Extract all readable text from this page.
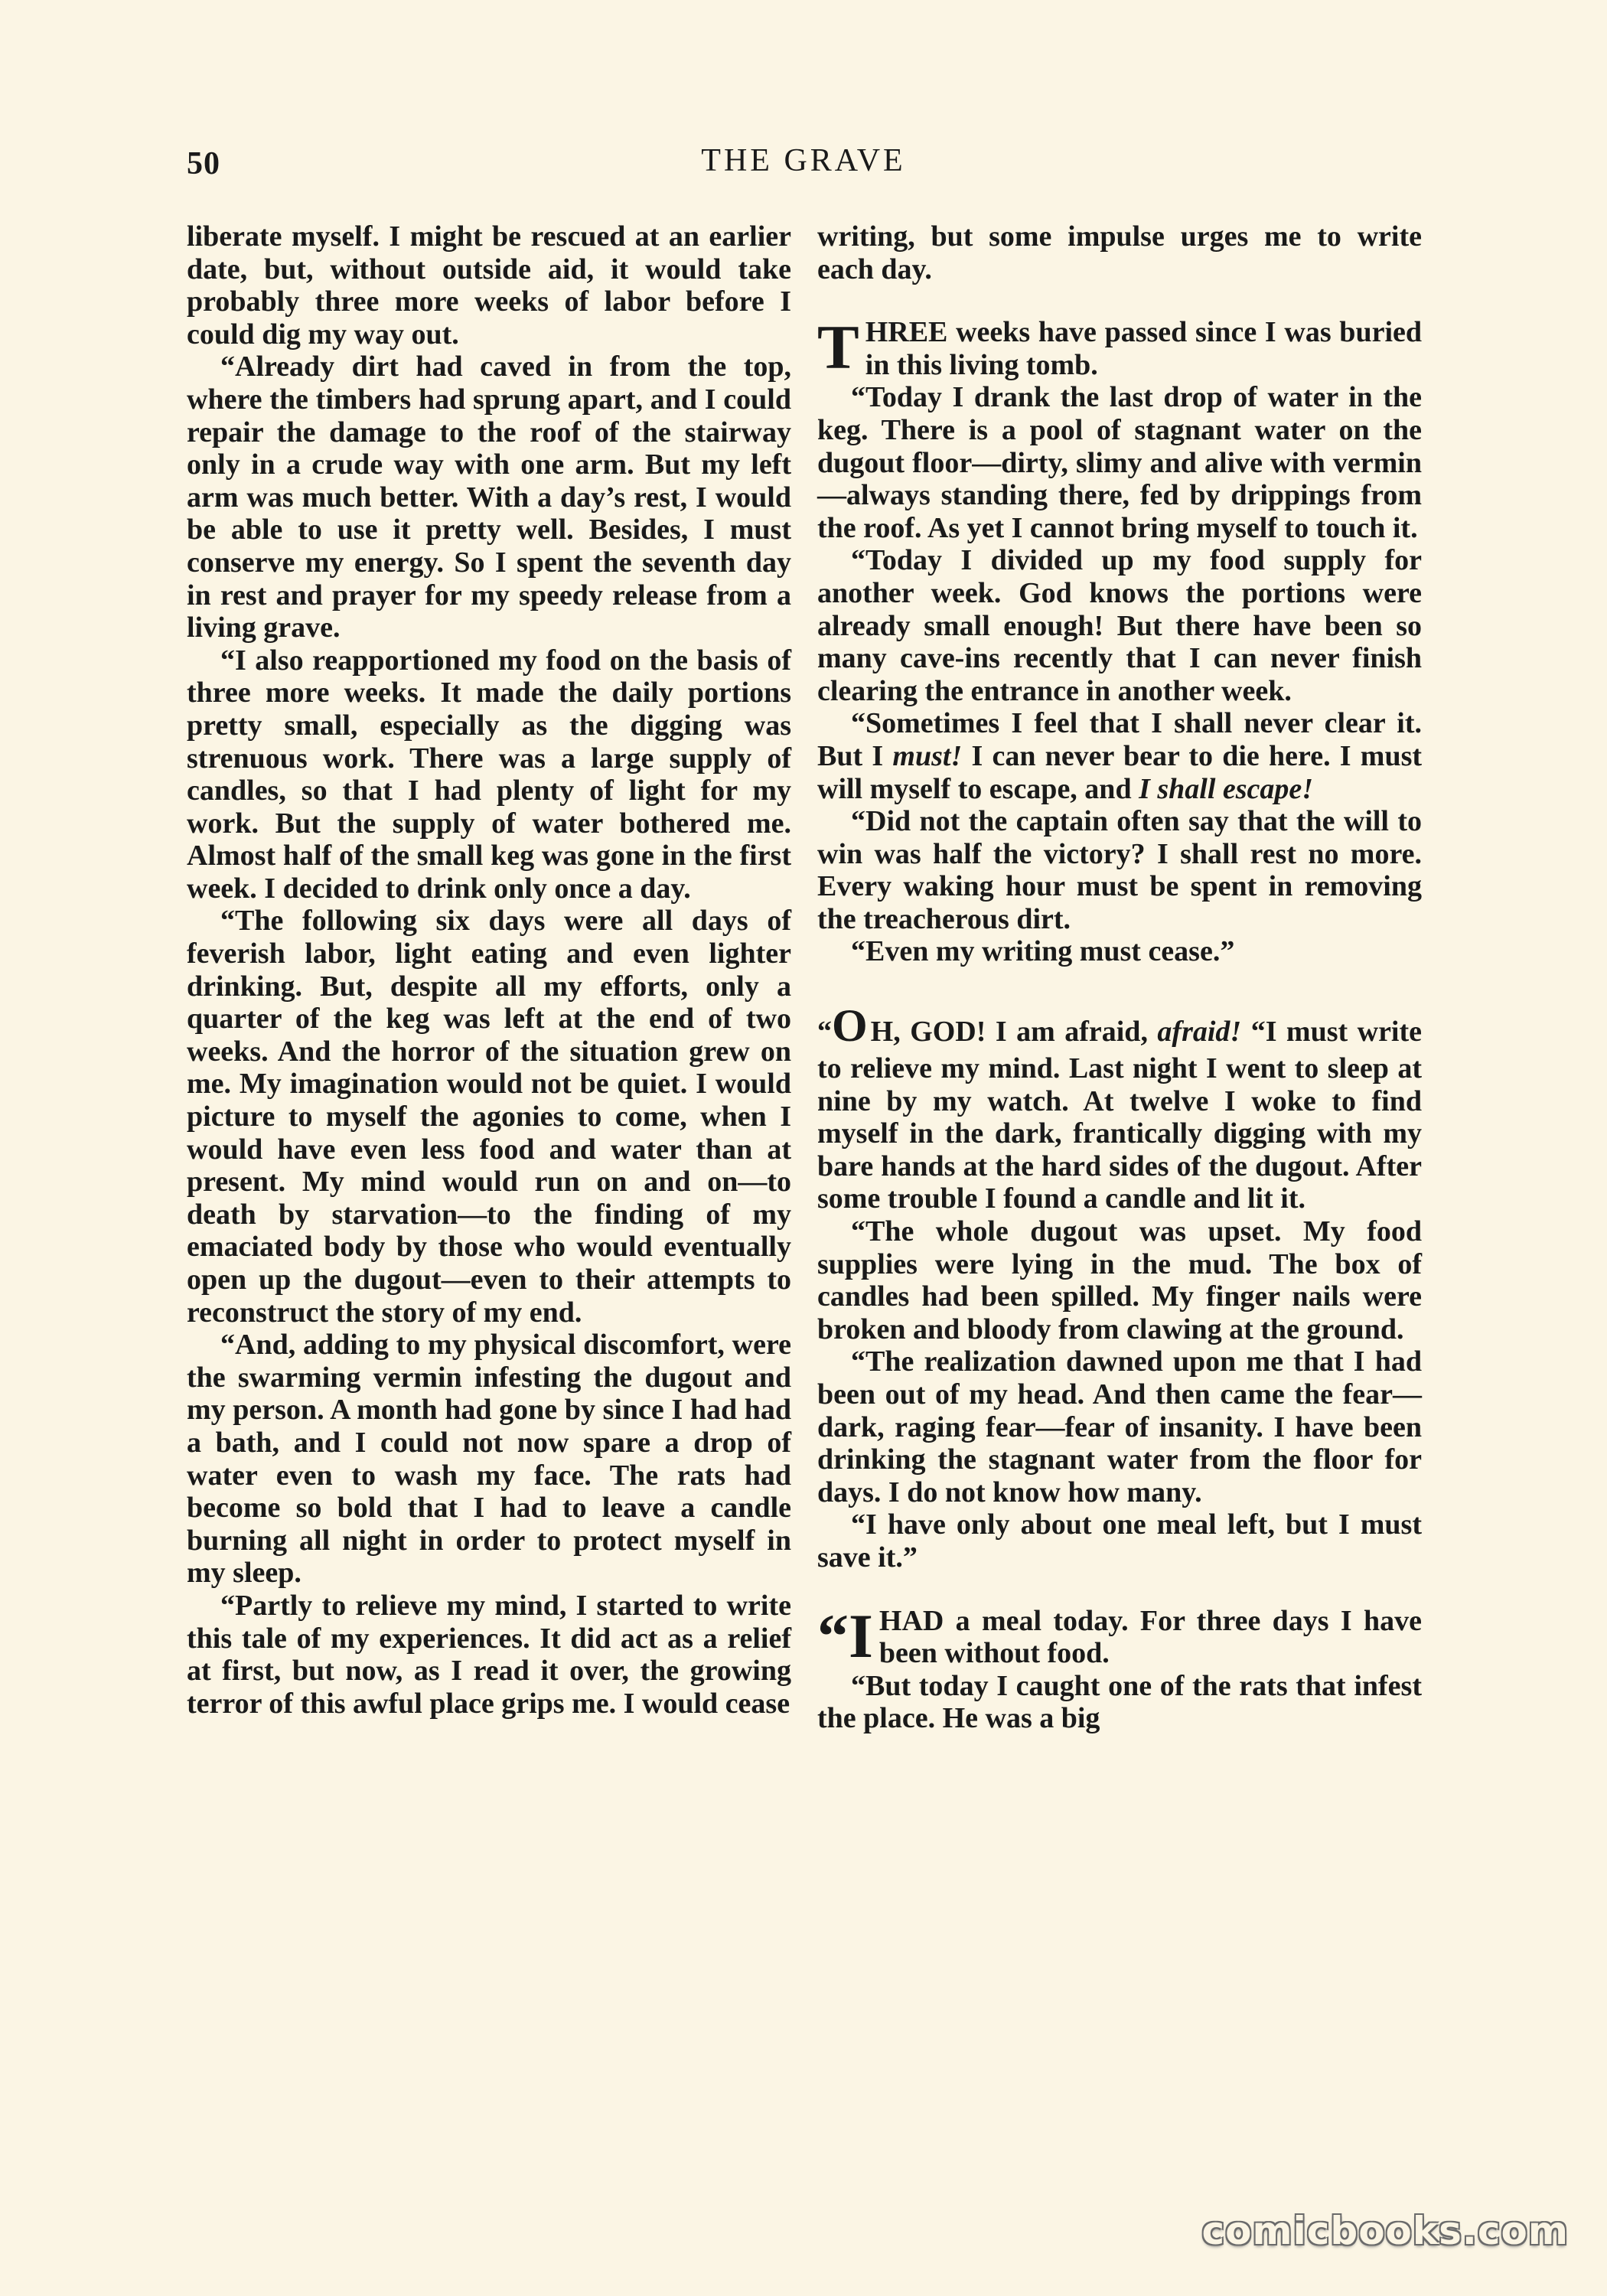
50	THE GRAVE

liberate myself. I might be rescued at an earlier date, but, without outside aid, it would take probably three more weeks of labor before I could dig my way out.

“Already dirt had caved in from the top, where the timbers had sprung apart, and I could repair the damage to the roof of the stairway only in a crude way with one arm. But my left arm was much better. With a day’s rest, I would be able to use it pretty well. Besides, I must conserve my energy. So I spent the seventh day in rest and prayer for my speedy release from a living grave.

“I also reapportioned my food on the basis of three more weeks. It made the daily portions pretty small, especially as the digging was strenuous work. There was a large supply of candles, so that I had plenty of light for my work. But the supply of water bothered me. Almost half of the small keg was gone in the first week. I decided to drink only once a day.

“The following six days were all days of feverish labor, light eating and even lighter drinking. But, despite all my efforts, only a quarter of the keg was left at the end of two weeks. And the horror of the situation grew on me. My imagination would not be quiet. I would picture to myself the agonies to come, when I would have even less food and water than at present. My mind would run on and on—to death by starvation—to the finding of my emaciated body by those who would eventually open up the dugout—even to their attempts to reconstruct the story of my end.

“And, adding to my physical discomfort, were the swarming vermin infesting the dugout and my person. A month had gone by since I had had a bath, and I could not now spare a drop of water even to wash my face. The rats had become so bold that I had to leave a candle burning all night in order to protect myself in my sleep.

“Partly to relieve my mind, I started to write this tale of my experiences. It did act as a relief at first, but now, as I read it over, the growing terror of this awful place grips me. I would cease

writing, but some impulse urges me to write each day.

THREE weeks have passed since I was buried in this living tomb.

“Today I drank the last drop of water in the keg. There is a pool of stagnant water on the dugout floor—dirty, slimy and alive with vermin—always standing there, fed by drippings from the roof. As yet I cannot bring myself to touch it.

“Today I divided up my food supply for another week. God knows the portions were already small enough! But there have been so many cave-ins recently that I can never finish clearing the entrance in another week.

“Sometimes I feel that I shall never clear it. But I must! I can never bear to die here. I must will myself to escape, and I shall escape!

“Did not the captain often say that the will to win was half the victory? I shall rest no more. Every waking hour must be spent in removing the treacherous dirt.

“Even my writing must cease.”

“O H, GOD! I am afraid, afraid! “I must write to relieve my mind. Last night I went to sleep at nine by my watch. At twelve I woke to find myself in the dark, frantically digging with my bare hands at the hard sides of the dugout. After some trouble I found a candle and lit it.

“The whole dugout was upset. My food supplies were lying in the mud. The box of candles had been spilled. My finger nails were broken and bloody from clawing at the ground.

“The realization dawned upon me that I had been out of my head. And then came the fear—dark, raging fear—fear of insanity. I have been drinking the stagnant water from the floor for days. I do not know how many.

“I have only about one meal left, but I must save it.”

“I HAD a meal today. For three days I have been without food.

“But today I caught one of the rats that infest the place. He was a big

comicbooks.com
